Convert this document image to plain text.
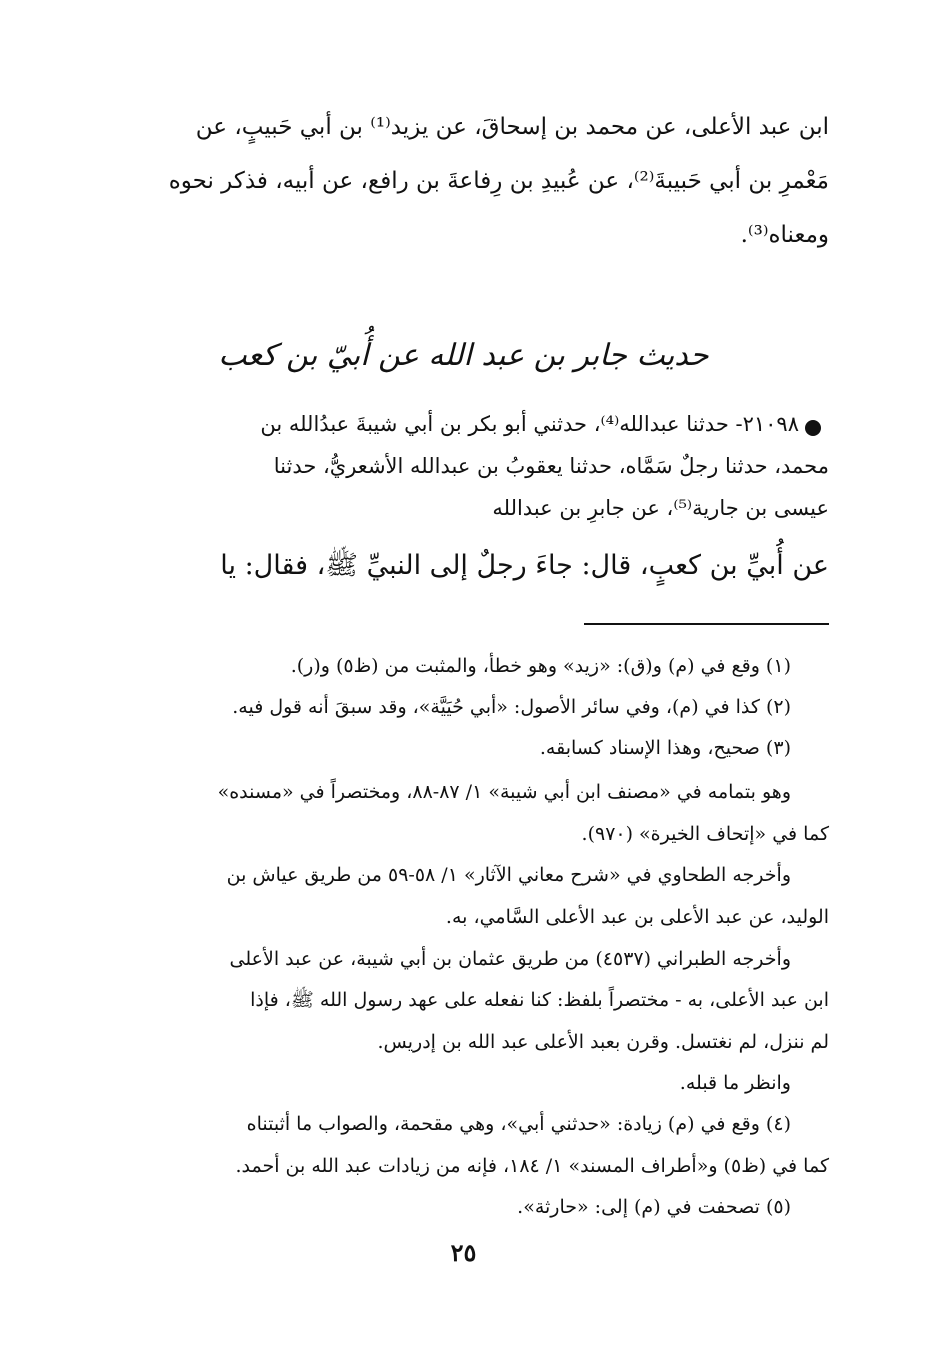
ابن عبد الأعلى، عن محمد بن إسحاقَ، عن يزيد⁽¹⁾ بن أبي حَبيبٍ، عن
مَعْمرِ بن أبي حَبيبةَ⁽²⁾، عن عُبيدِ بن رِفاعةَ بن رافع، عن أبيه، فذكر نحوه
ومعناه⁽³⁾.
حديث جابر بن عبد الله عن أُبيّ بن كعب
٢١٠٩٨- حدثنا عبدالله⁽⁴⁾، حدثني أبو بكر بن أبي شيبةَ عبدُالله بن
محمد، حدثنا رجلٌ سَمَّاه، حدثنا يعقوبُ بن عبدالله الأشعريُّ، حدثنا
عيسى بن جارية⁽⁵⁾، عن جابرِ بن عبدالله
عن أُبيِّ بن كعبٍ، قال: جاءَ رجلٌ إلى النبيِّ ﷺ، فقال: يا
(١) وقع في (م) و(ق): «زيد» وهو خطأ، والمثبت من (ظ٥) و(ر).
(٢) كذا في (م)، وفي سائر الأصول: «أبي حُيَيَّة»، وقد سبقَ أنه قول فيه.
(٣) صحيح، وهذا الإسناد كسابقه.
وهو بتمامه في «مصنف ابن أبي شيبة» ١/ ٨٧-٨٨، ومختصراً في «مسنده»
كما في «إتحاف الخيرة» (٩٧٠).
وأخرجه الطحاوي في «شرح معاني الآثار» ١/ ٥٨-٥٩ من طريق عياش بن
الوليد، عن عبد الأعلى بن عبد الأعلى السَّامي، به.
وأخرجه الطبراني (٤٥٣٧) من طريق عثمان بن أبي شيبة، عن عبد الأعلى
ابن عبد الأعلى، به - مختصراً بلفظ: كنا نفعله على عهد رسول الله ﷺ، فإذا
لم ننزل، لم نغتسل. وقرن بعبد الأعلى عبد الله بن إدريس.
وانظر ما قبله.
(٤) وقع في (م) زيادة: «حدثني أبي»، وهي مقحمة، والصواب ما أثبتناه
كما في (ظ٥) و«أطراف المسند» ١/ ١٨٤، فإنه من زيادات عبد الله بن أحمد.
(٥) تصحفت في (م) إلى: «حارثة».
٢٥
